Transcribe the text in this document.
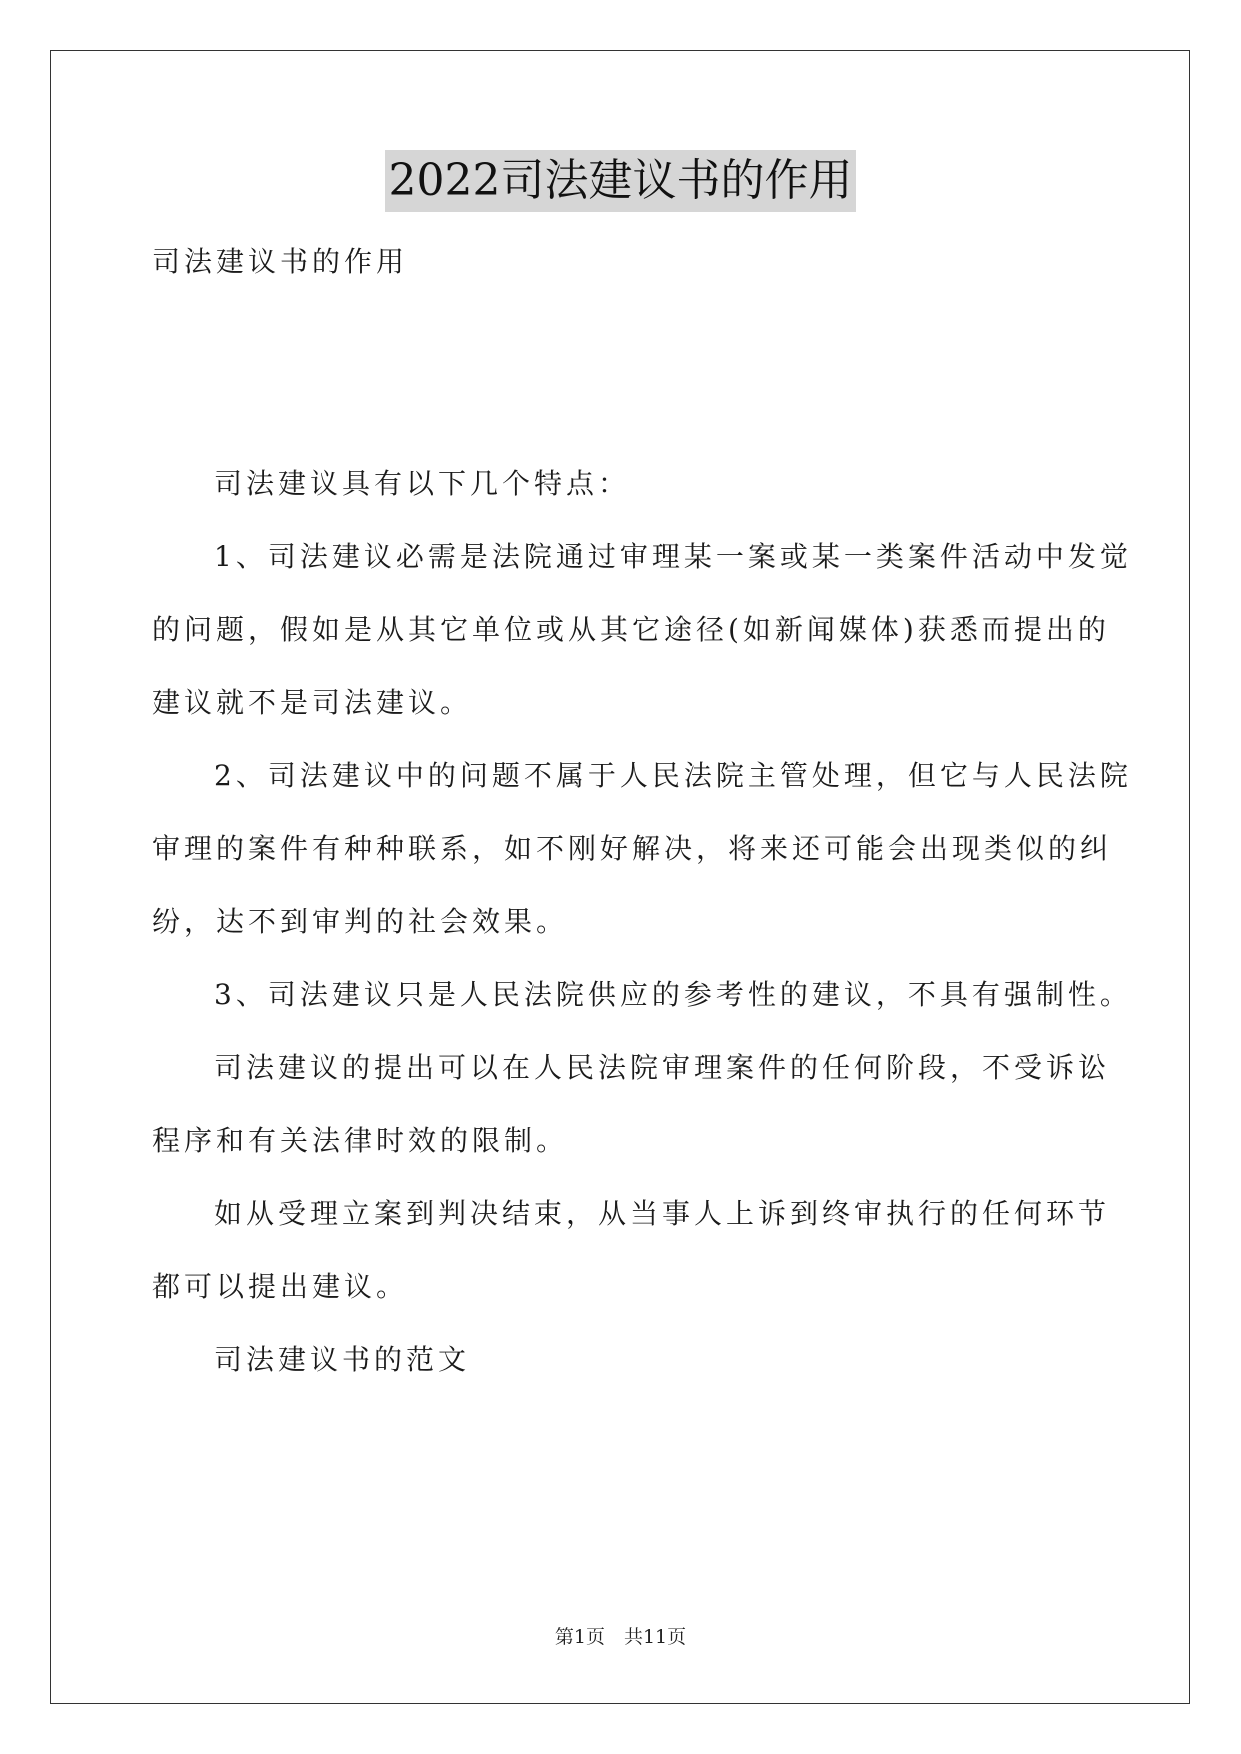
2022司法建议书的作用
司法建议书的作用
司法建议具有以下几个特点：
1、司法建议必需是法院通过审理某一案或某一类案件活动中发觉
的问题，假如是从其它单位或从其它途径(如新闻媒体)获悉而提出的
建议就不是司法建议。
2、司法建议中的问题不属于人民法院主管处理，但它与人民法院
审理的案件有种种联系，如不刚好解决，将来还可能会出现类似的纠
纷，达不到审判的社会效果。
3、司法建议只是人民法院供应的参考性的建议，不具有强制性。
司法建议的提出可以在人民法院审理案件的任何阶段，不受诉讼
程序和有关法律时效的限制。
如从受理立案到判决结束，从当事人上诉到终审执行的任何环节
都可以提出建议。
司法建议书的范文
第1页　共11页
